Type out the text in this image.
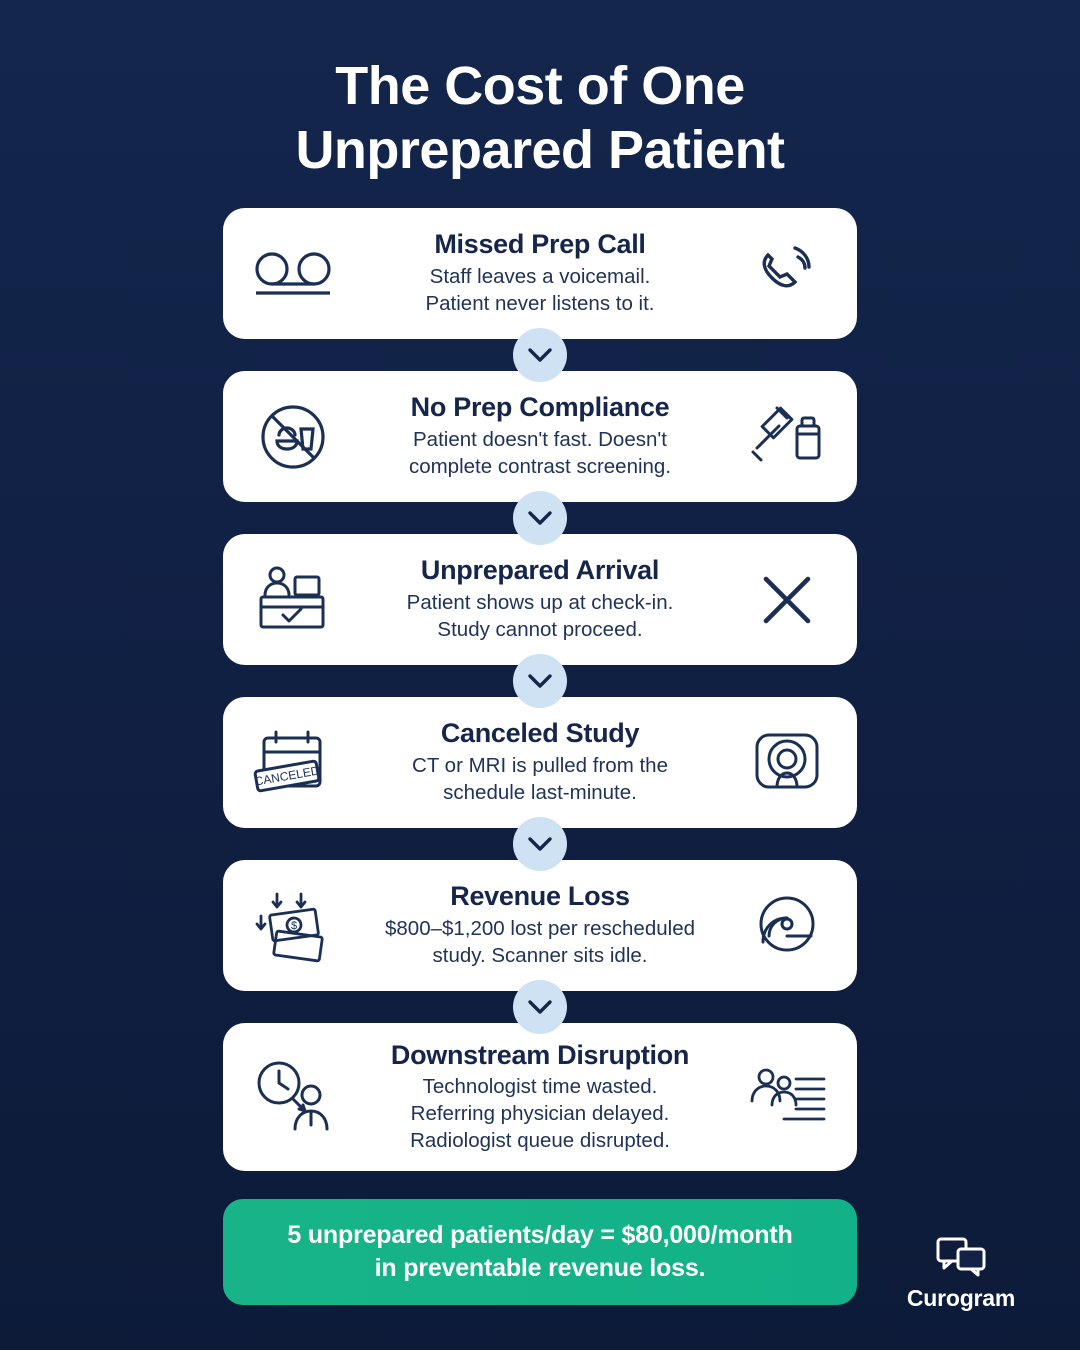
The Cost of One
Unprepared Patient
Missed Prep Call
Staff leaves a voicemail.
Patient never listens to it.
No Prep Compliance
Patient doesn't fast. Doesn't
complete contrast screening.
Unprepared Arrival
Patient shows up at check-in.
Study cannot proceed.
CANCELED
Canceled Study
CT or MRI is pulled from the
schedule last-minute.
$
Revenue Loss
$800–$1,200 lost per rescheduled
study. Scanner sits idle.
Downstream Disruption
Technologist time wasted.
Referring physician delayed.
Radiologist queue disrupted.
5 unprepared patients/day = $80,000/month
in preventable revenue loss.
Curogram
